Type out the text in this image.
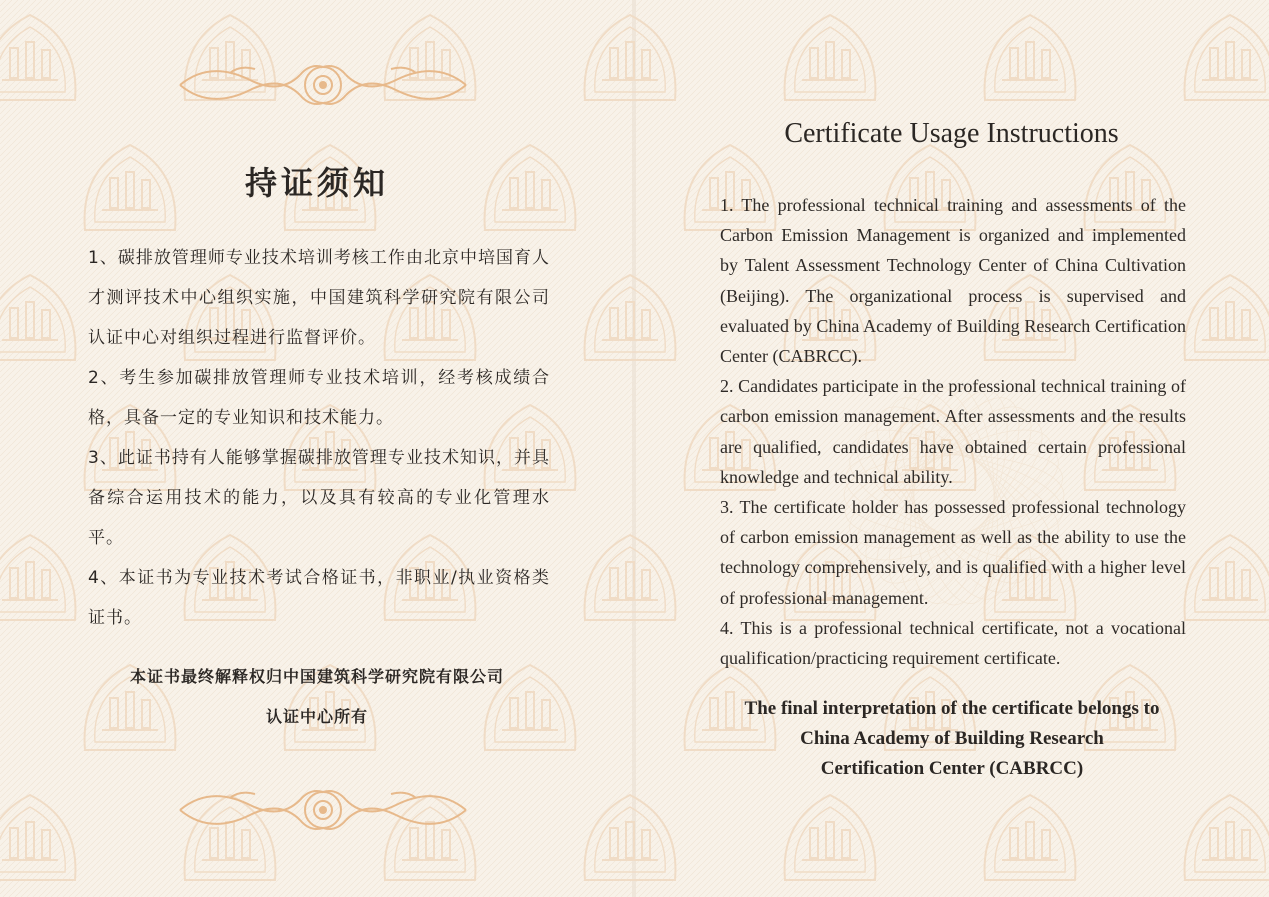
持证须知

1、碳排放管理师专业技术培训考核工作由北京中培国育人才测评技术中心组织实施，中国建筑科学研究院有限公司认证中心对组织过程进行监督评价。

2、考生参加碳排放管理师专业技术培训，经考核成绩合格，具备一定的专业知识和技术能力。

3、此证书持有人能够掌握碳排放管理专业技术知识，并具备综合运用技术的能力，以及具有较高的专业化管理水平。

4、本证书为专业技术考试合格证书，非职业/执业资格类证书。

本证书最终解释权归中国建筑科学研究院有限公司
认证中心所有
Certificate Usage Instructions

1. The professional technical training and assessments of the Carbon Emission Management is organized and implemented by Talent Assessment Technology Center of China Cultivation (Beijing). The organizational process is supervised and evaluated by China Academy of Building Research Certification Center (CABRCC).

2. Candidates participate in the professional technical training of carbon emission management. After assessments and the results are qualified, candidates have obtained certain professional knowledge and technical ability.

3. The certificate holder has possessed professional technology of carbon emission management as well as the ability to use the technology comprehensively, and is qualified with a higher level of professional management.

4. This is a professional technical certificate, not a vocational qualification/practicing requirement certificate.

The final interpretation of the certificate belongs to
China Academy of Building Research
Certification Center (CABRCC)
